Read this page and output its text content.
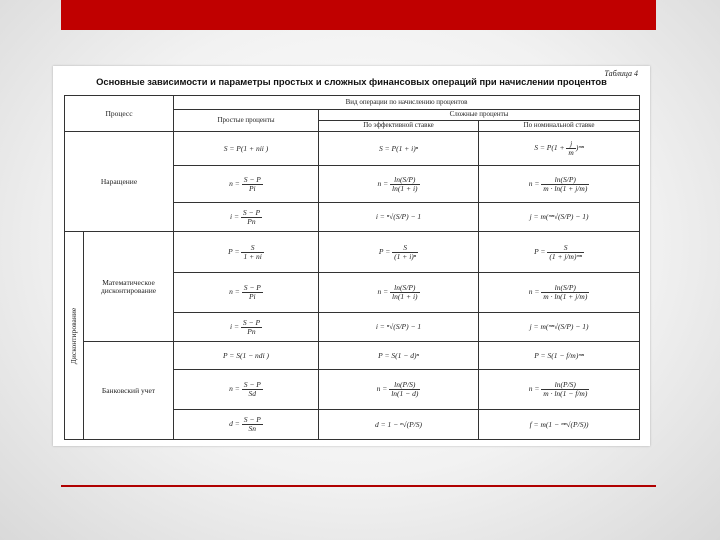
Таблица 4
Основные зависимости и параметры простых и сложных финансовых операций при начислении процентов
Процесс		Вид операции по начислению процентов		
		Простые проценты	Сложные проценты	
			По эффективной ставке	По номинальной ставке
Наращение		S = P(1 + nii )	S = P(1 + i)ⁿ	$S = P(1 + \frac{j}{m}$ )ᵐⁿ
		$n = \frac{S - P}{Pi}$	$n = \frac{\ln(S/P)}{\ln(1 + i)}$	$n = \frac{\ln(S/P)}{m \cdot \ln(1 + j/m)}$

		$i = \frac{S - P}{Pn}$	i = ⁿ√(S/P) − 1	j = m(ᵐⁿ√(S/P) − 1)

Дисконтирование	Математическое дисконтирование	$P = \frac{S}{1 + ni}$	$P = \frac{S}{\text{(1 + i)ⁿ}}$	$P = \frac{S}{\text{(1 + j/m)ᵐⁿ}}$

		$n = \frac{S - P}{Pi}$	$n = \frac{\ln(S/P)}{\ln(1 + i)}$	$n = \frac{\ln(S/P)}{m \cdot \ln(1 + j/m)}$

		$i = \frac{S - P}{Pn}$	i = ⁿ√(S/P) − 1	j = m(ᵐⁿ√(S/P) − 1)
	Банковский учет	P = S(1 − ndi )	P = S(1 − d)ⁿ	P = S(1 − f/m)ᵐⁿ
		$n = \frac{S - P}{Sd}$	$n = \frac{\ln(P/S)}{\ln(1 - d)}$	$n = \frac{\ln(P/S)}{m \cdot \ln(1 - f/m)}$

		$d = \frac{S - P}{Sn}$	d = 1 − ⁿ√(P/S)	f = m(1 − ᵐⁿ√(P/S))
